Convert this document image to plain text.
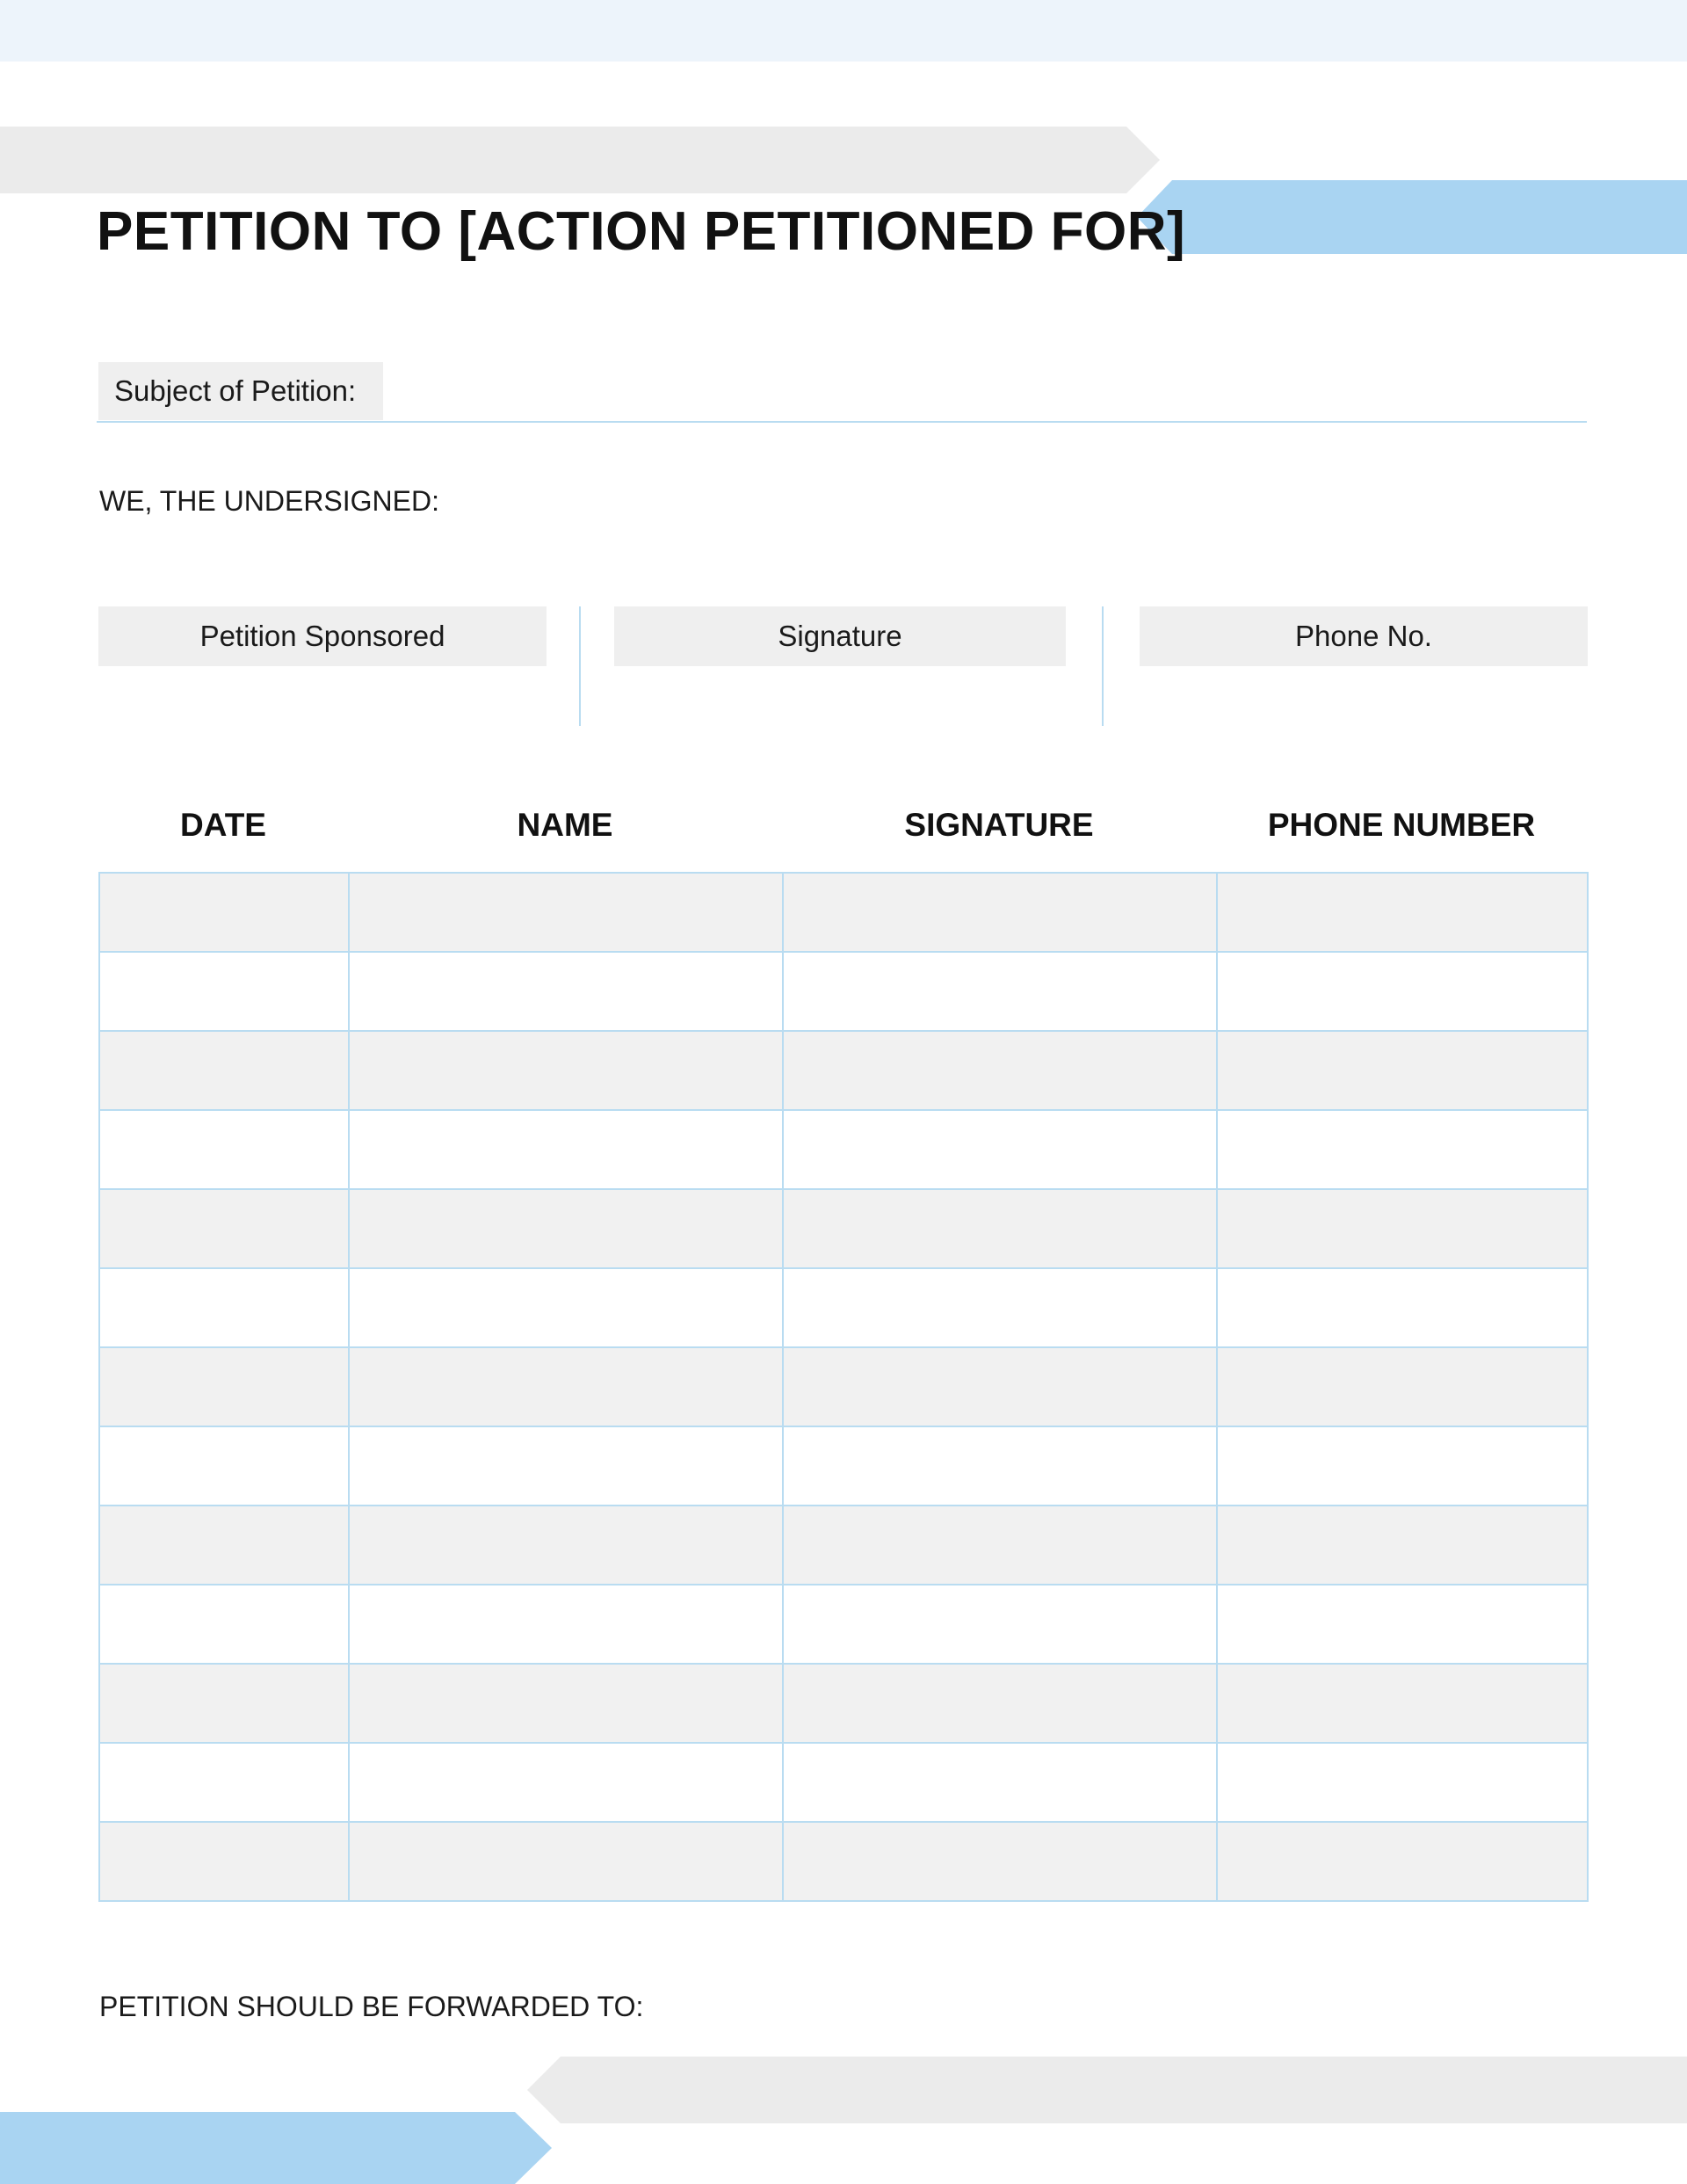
PETITION TO [ACTION PETITIONED FOR]
Subject of Petition:
WE, THE UNDERSIGNED:
Petition Sponsored	Signature	Phone No.
DATE	NAME	SIGNATURE	PHONE NUMBER

PETITION SHOULD BE FORWARDED TO:
